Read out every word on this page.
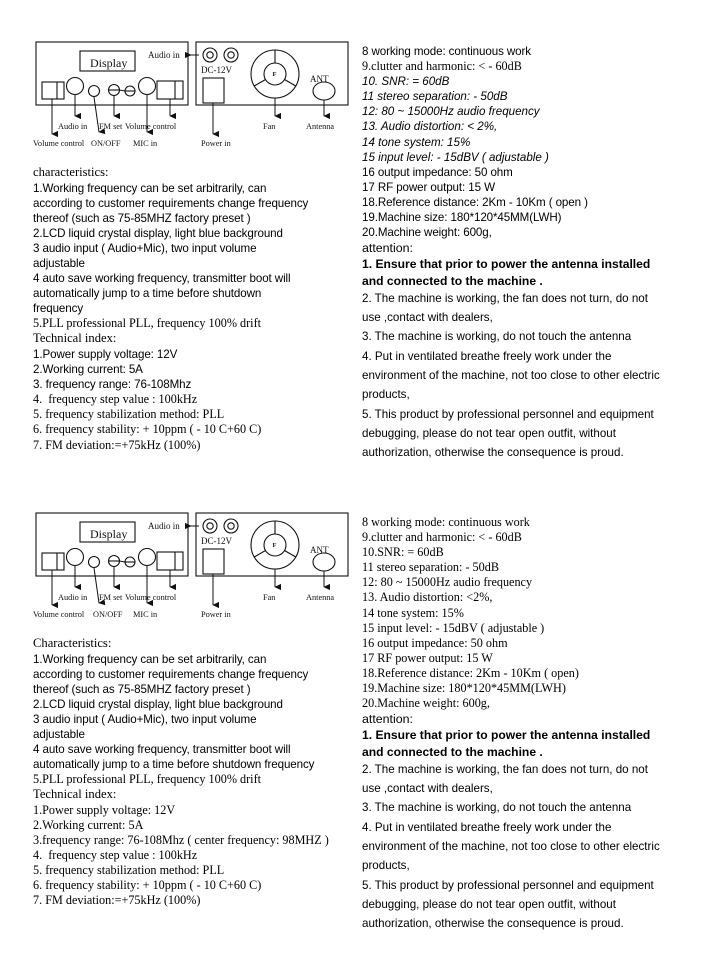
Display
Audio in
DC-12V	F	ANT
Audio in FM set Volume control	Fan	Antenna
Volume control ON/OFF MIC in	Power in
characteristics:
1.Working frequency can be set arbitrarily, can
according to customer requirements change frequency
thereof (such as 75-85MHZ factory preset )
2.LCD liquid crystal display, light blue background
3 audio input ( Audio+Mic), two input volume
adjustable
4 auto save working frequency, transmitter boot will
automatically jump to a time before shutdown
frequency
5.PLL professional PLL, frequency 100% drift
Technical index:
1.Power supply voltage: 12V
2.Working current: 5A
3. frequency range: 76-108Mhz
4.  frequency step value : 100kHz
5. frequency stabilization method: PLL
6. frequency stability: + 10ppm ( - 10 C+60 C)
7. FM deviation:=+75kHz (100%)
8 working mode: continuous work
9.clutter and harmonic: < - 60dB
10. SNR: = 60dB
11 stereo separation: - 50dB
12: 80 ~ 15000Hz audio frequency
13. Audio distortion: < 2%,
14 tone system: 15%
15 input level: - 15dBV ( adjustable )
16 output impedance: 50 ohm
17 RF power output: 15 W
18.Reference distance: 2Km - 10Km ( open )
19.Machine size: 180*120*45MM(LWH)
20.Machine weight: 600g,
attention:
1. Ensure that prior to power the antenna installed
and connected to the machine .
2. The machine is working, the fan does not turn, do not
use ,contact with dealers,
3. The machine is working, do not touch the antenna
4. Put in ventilated breathe freely work under the
environment of the machine, not too close to other electric
products,
5. This product by professional personnel and equipment
debugging, please do not tear open outfit, without
authorization, otherwise the consequence is proud.
Display
Audio in
DC-12V	F	ANT
Audio in FM set Volume control	Fan	Antenna
Volume control ON/OFF MIC in	Power in
Characteristics:
1.Working frequency can be set arbitrarily, can
according to customer requirements change frequency
thereof (such as 75-85MHZ factory preset )
2.LCD liquid crystal display, light blue background
3 audio input ( Audio+Mic), two input volume
adjustable
4 auto save working frequency, transmitter boot will
automatically jump to a time before shutdown frequency
5.PLL professional PLL, frequency 100% drift
Technical index:
1.Power supply voltage: 12V
2.Working current: 5A
3.frequency range: 76-108Mhz ( center frequency: 98MHZ )
4.  frequency step value : 100kHz
5. frequency stabilization method: PLL
6. frequency stability: + 10ppm ( - 10 C+60 C)
7. FM deviation:=+75kHz (100%)
8 working mode: continuous work
9.clutter and harmonic: < - 60dB
10.SNR: = 60dB
11 stereo separation: - 50dB
12: 80 ~ 15000Hz audio frequency
13. Audio distortion: <2%,
14 tone system: 15%
15 input level: - 15dBV ( adjustable )
16 output impedance: 50 ohm
17 RF power output: 15 W
18.Reference distance: 2Km - 10Km ( open)
19.Machine size: 180*120*45MM(LWH)
20.Machine weight: 600g,
attention:
1. Ensure that prior to power the antenna installed
and connected to the machine .
2. The machine is working, the fan does not turn, do not
use ,contact with dealers,
3. The machine is working, do not touch the antenna
4. Put in ventilated breathe freely work under the
environment of the machine, not too close to other electric
products,
5. This product by professional personnel and equipment
debugging, please do not tear open outfit, without
authorization, otherwise the consequence is proud.
